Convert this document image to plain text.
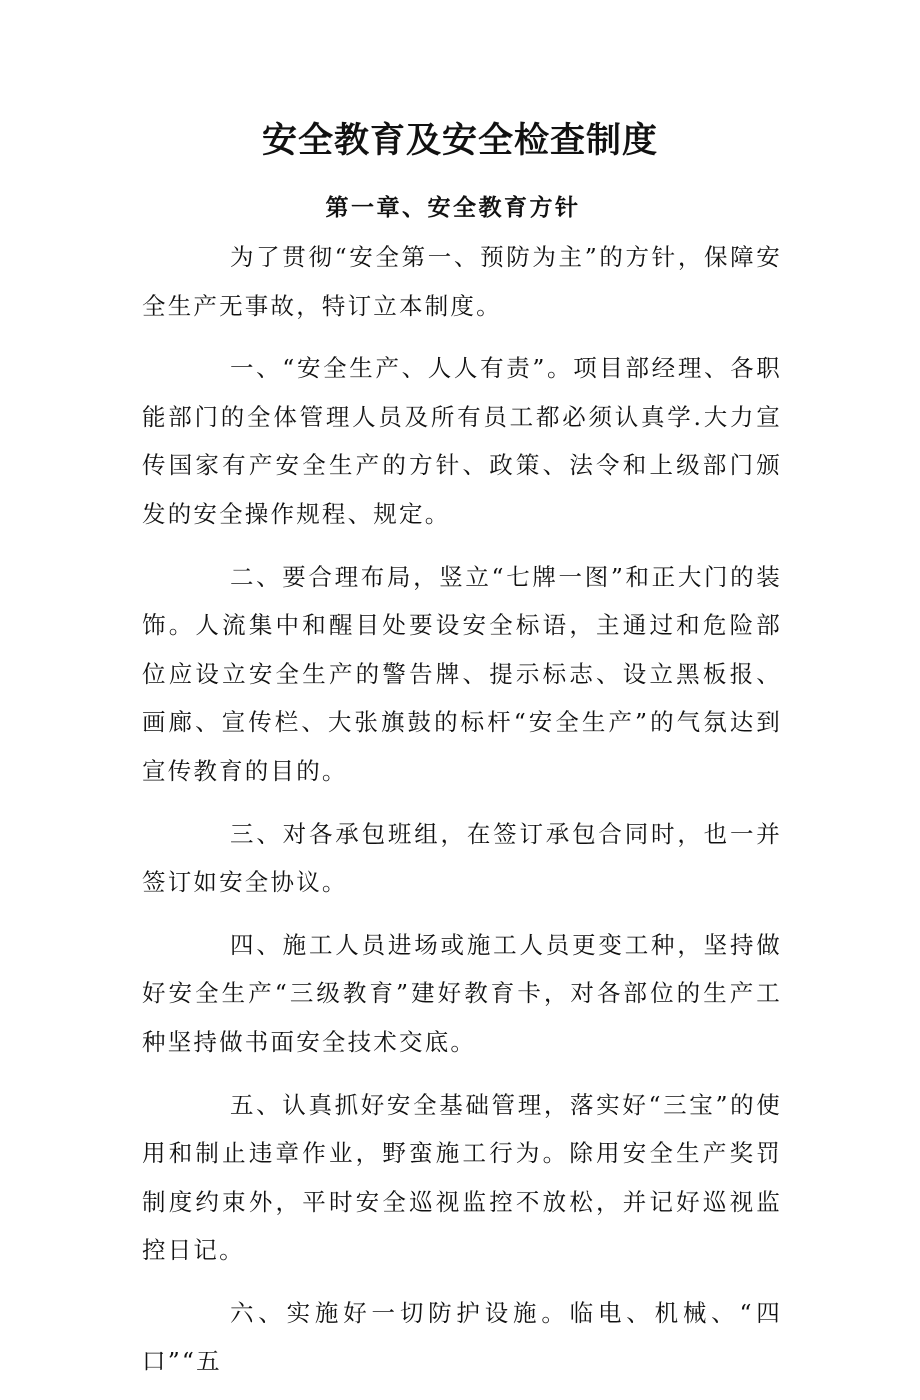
安全教育及安全检查制度
第一章、安全教育方针

为了贯彻“安全第一、预防为主”的方针，保障安全生产无事故，特订立本制度。

一、“安全生产、人人有责”。项目部经理、各职能部门的全体管理人员及所有员工都必须认真学.大力宣传国家有产安全生产的方针、政策、法令和上级部门颁发的安全操作规程、规定。

二、要合理布局，竖立“七牌一图”和正大门的装饰。人流集中和醒目处要设安全标语，主通过和危险部位应设立安全生产的警告牌、提示标志、设立黑板报、画廊、宣传栏、大张旗鼓的标杆“安全生产”的气氛达到宣传教育的目的。

三、对各承包班组，在签订承包合同时，也一并签订如安全协议。

四、施工人员进场或施工人员更变工种，坚持做好安全生产“三级教育”建好教育卡，对各部位的生产工种坚持做书面安全技术交底。

五、认真抓好安全基础管理，落实好“三宝”的使用和制止违章作业，野蛮施工行为。除用安全生产奖罚制度约束外，平时安全巡视监控不放松，并记好巡视监控日记。

六、实施好一切防护设施。临电、机械、“四口”“五
